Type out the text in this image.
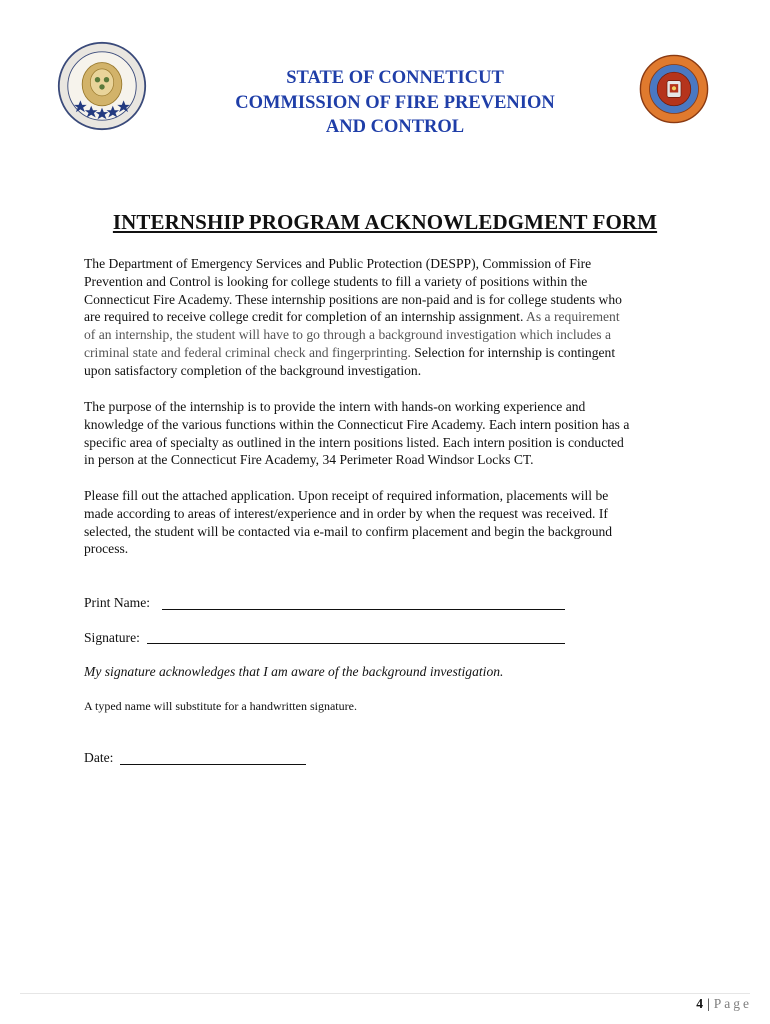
STATE OF CONNETICUT
COMMISSION OF FIRE PREVENION
AND CONTROL
INTERNSHIP PROGRAM ACKNOWLEDGMENT FORM
The Department of Emergency Services and Public Protection (DESPP), Commission of Fire
Prevention and Control is looking for college students to fill a variety of positions within the
Connecticut Fire Academy. These internship positions are non-paid and is for college students who
are required to receive college credit for completion of an internship assignment. As a requirement
of an internship, the student will have to go through a background investigation which includes a
criminal state and federal criminal check and fingerprinting. Selection for internship is contingent
upon satisfactory completion of the background investigation.
The purpose of the internship is to provide the intern with hands-on working experience and
knowledge of the various functions within the Connecticut Fire Academy. Each intern position has a
specific area of specialty as outlined in the intern positions listed. Each intern position is conducted
in person at the Connecticut Fire Academy, 34 Perimeter Road Windsor Locks CT.
Please fill out the attached application. Upon receipt of required information, placements will be
made according to areas of interest/experience and in order by when the request was received. If
selected, the student will be contacted via e-mail to confirm placement and begin the background
process.
Print Name:
Signature:
My signature acknowledges that I am aware of the background investigation.
A typed name will substitute for a handwritten signature.
Date:
4 | Page
